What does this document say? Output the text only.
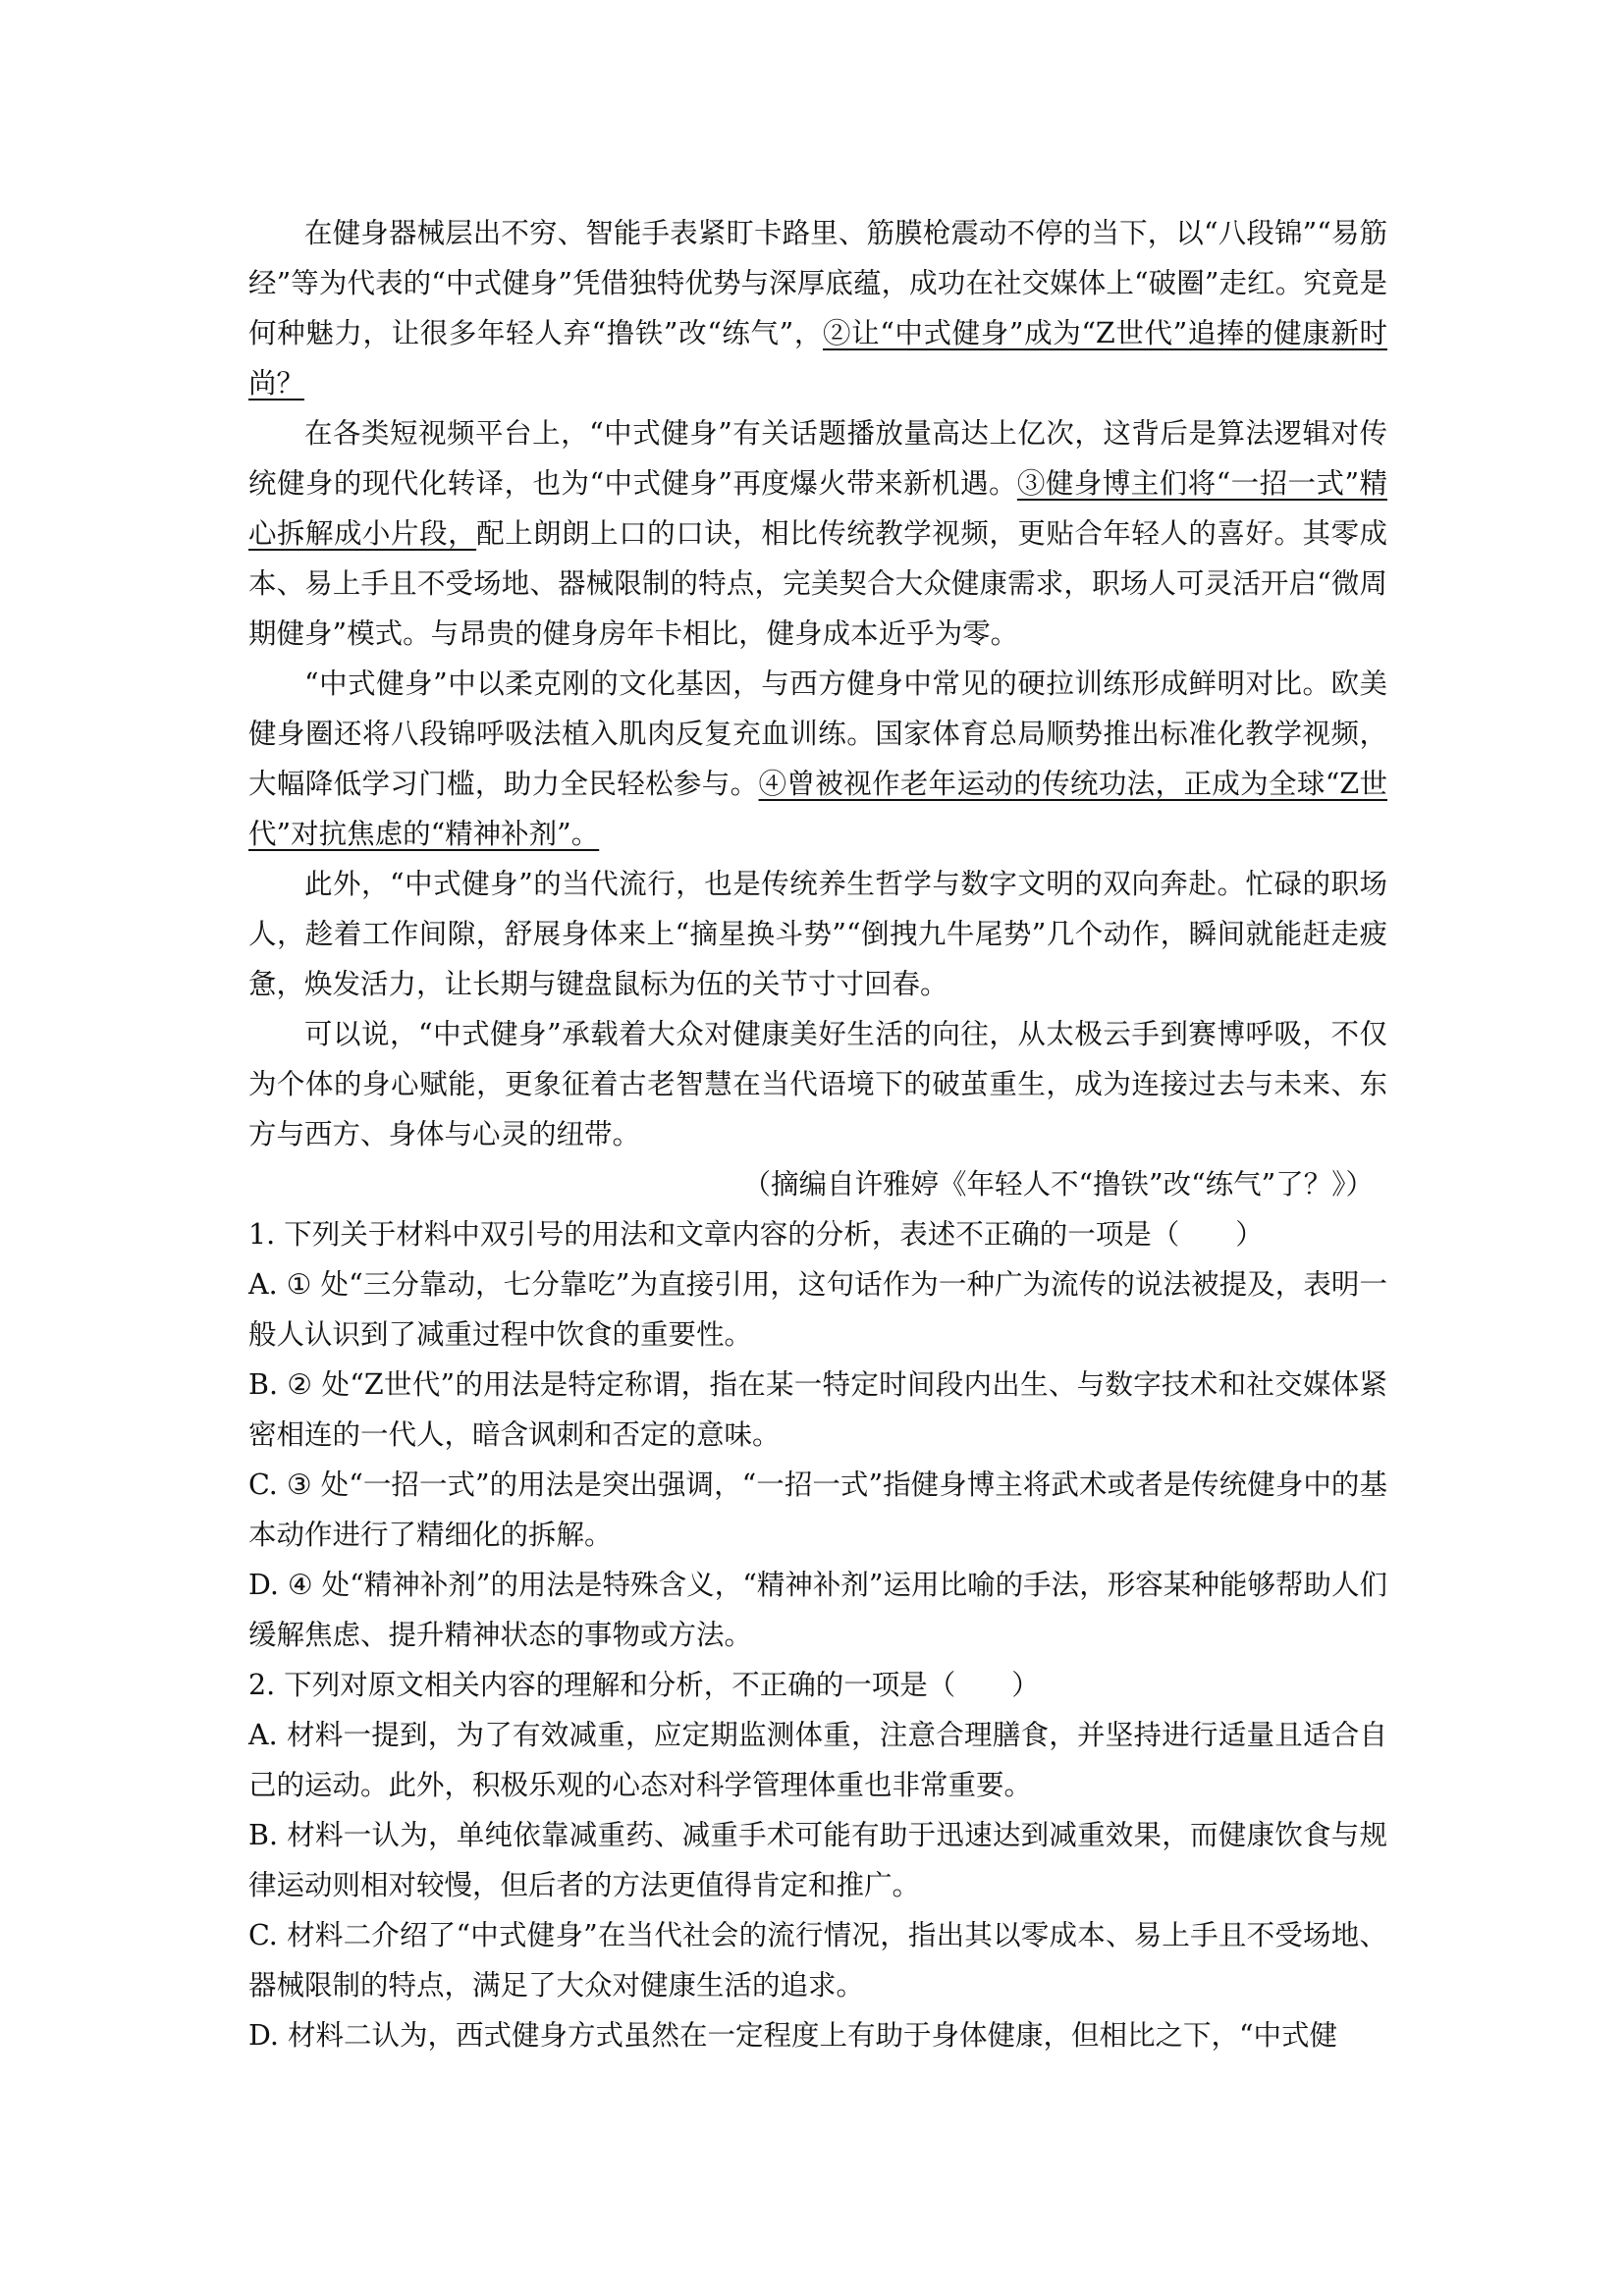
在健身器械层出不穷、智能手表紧盯卡路里、筋膜枪震动不停的当下，以“八段锦”“易筋经”等为代表的“中式健身”凭借独特优势与深厚底蕴，成功在社交媒体上“破圈”走红。究竟是何种魅力，让很多年轻人弃“撸铁”改“练气”，②让“中式健身”成为“Z世代”追捧的健康新时尚？

在各类短视频平台上，“中式健身”有关话题播放量高达上亿次，这背后是算法逻辑对传统健身的现代化转译，也为“中式健身”再度爆火带来新机遇。③健身博主们将“一招一式”精心拆解成小片段，配上朗朗上口的口诀，相比传统教学视频，更贴合年轻人的喜好。其零成本、易上手且不受场地、器械限制的特点，完美契合大众健康需求，职场人可灵活开启“微周期健身”模式。与昂贵的健身房年卡相比，健身成本近乎为零。

“中式健身”中以柔克刚的文化基因，与西方健身中常见的硬拉训练形成鲜明对比。欧美健身圈还将八段锦呼吸法植入肌肉反复充血训练。国家体育总局顺势推出标准化教学视频，大幅降低学习门槛，助力全民轻松参与。④曾被视作老年运动的传统功法，正成为全球“Z世代”对抗焦虑的“精神补剂”。

此外，“中式健身”的当代流行，也是传统养生哲学与数字文明的双向奔赴。忙碌的职场人，趁着工作间隙，舒展身体来上“摘星换斗势”“倒拽九牛尾势”几个动作，瞬间就能赶走疲惫，焕发活力，让长期与键盘鼠标为伍的关节寸寸回春。

可以说，“中式健身”承载着大众对健康美好生活的向往，从太极云手到赛博呼吸，不仅为个体的身心赋能，更象征着古老智慧在当代语境下的破茧重生，成为连接过去与未来、东方与西方、身体与心灵的纽带。

（摘编自许雅婷《年轻人不“撸铁”改“练气”了？》）

1. 下列关于材料中双引号的用法和文章内容的分析，表述不正确的一项是（　　）

A. ① 处“三分靠动，七分靠吃”为直接引用，这句话作为一种广为流传的说法被提及，表明一般人认识到了减重过程中饮食的重要性。

B. ② 处“Z世代”的用法是特定称谓，指在某一特定时间段内出生、与数字技术和社交媒体紧密相连的一代人，暗含讽刺和否定的意味。

C. ③ 处“一招一式”的用法是突出强调，“一招一式”指健身博主将武术或者是传统健身中的基本动作进行了精细化的拆解。

D. ④ 处“精神补剂”的用法是特殊含义，“精神补剂”运用比喻的手法，形容某种能够帮助人们缓解焦虑、提升精神状态的事物或方法。

2. 下列对原文相关内容的理解和分析，不正确的一项是（　　）

A. 材料一提到，为了有效减重，应定期监测体重，注意合理膳食，并坚持进行适量且适合自己的运动。此外，积极乐观的心态对科学管理体重也非常重要。

B. 材料一认为，单纯依靠减重药、减重手术可能有助于迅速达到减重效果，而健康饮食与规律运动则相对较慢，但后者的方法更值得肯定和推广。

C. 材料二介绍了“中式健身”在当代社会的流行情况，指出其以零成本、易上手且不受场地、器械限制的特点，满足了大众对健康生活的追求。

D. 材料二认为，西式健身方式虽然在一定程度上有助于身体健康，但相比之下，“中式健
